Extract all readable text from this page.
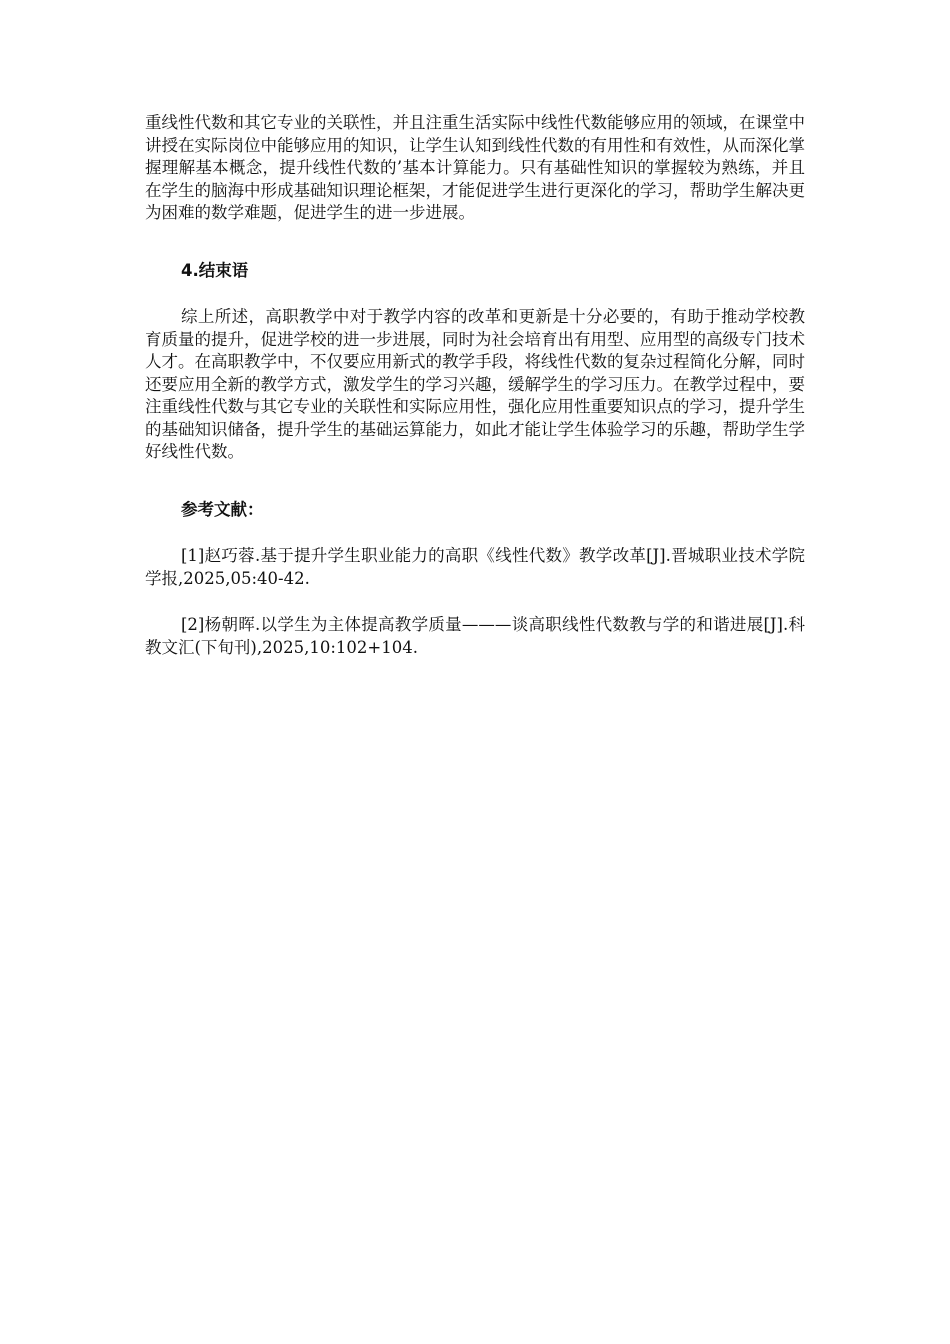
重线性代数和其它专业的关联性，并且注重生活实际中线性代数能够应用的领域，在课堂中讲授在实际岗位中能够应用的知识，让学生认知到线性代数的有用性和有效性，从而深化掌握理解基本概念，提升线性代数的’基本计算能力。只有基础性知识的掌握较为熟练，并且在学生的脑海中形成基础知识理论框架，才能促进学生进行更深化的学习，帮助学生解决更为困难的数学难题，促进学生的进一步进展。

4.结束语

综上所述，高职教学中对于教学内容的改革和更新是十分必要的，有助于推动学校教育质量的提升，促进学校的进一步进展，同时为社会培育出有用型、应用型的高级专门技术人才。在高职教学中，不仅要应用新式的教学手段，将线性代数的复杂过程简化分解，同时还要应用全新的教学方式，激发学生的学习兴趣，缓解学生的学习压力。在教学过程中，要注重线性代数与其它专业的关联性和实际应用性，强化应用性重要知识点的学习，提升学生的基础知识储备，提升学生的基础运算能力，如此才能让学生体验学习的乐趣，帮助学生学好线性代数。

参考文献：

[1]赵巧蓉.基于提升学生职业能力的高职《线性代数》教学改革[J].晋城职业技术学院学报,2025,05:40-42.

[2]杨朝晖.以学生为主体提高教学质量———谈高职线性代数教与学的和谐进展[J].科教文汇(下旬刊),2025,10:102+104.
